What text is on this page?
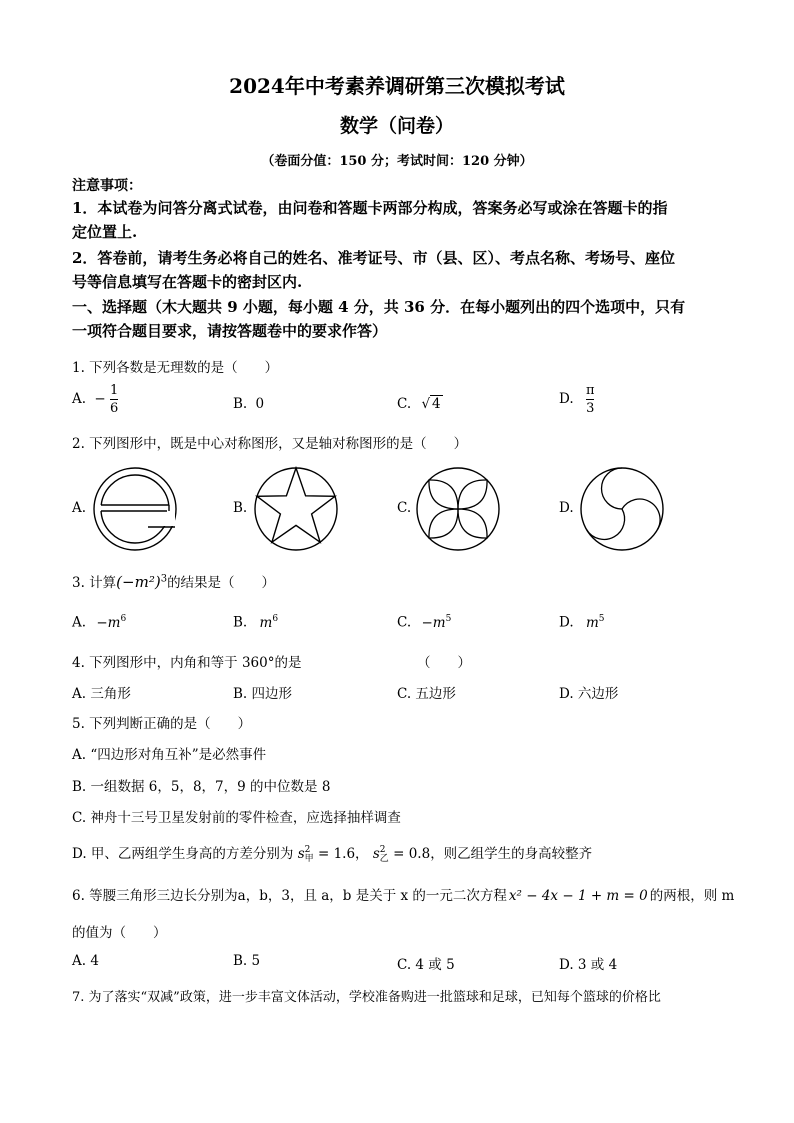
2024年中考素养调研第三次模拟考试
数学（问卷）
（卷面分值：150 分；考试时间：120 分钟）
注意事项：
1．本试卷为问答分离式试卷，由问卷和答题卡两部分构成，答案务必写或涂在答题卡的指
定位置上.
2．答卷前，请考生务必将自己的姓名、准考证号、市（县、区）、考点名称、考场号、座位
号等信息填写在答题卡的密封区内.
一、选择题（木大题共 9 小题，每小题 4 分，共 36 分．在每小题列出的四个选项中，只有
一项符合题目要求，请按答题卷中的要求作答）
1. 下列各数是无理数的是（　　）
A. − $\frac{1}{6}$	B. 0	C. √ 4	D. $\frac{\pi}{3}$
2. 下列图形中，既是中心对称图形，又是轴对称图形的是（　　）
A.	B.	C.	D.
3. 计算$(-m^2)^3$的结果是（　　）
A. $-m^6$	B. $m^6$	C. $-m^5$	D. $m^5$
4. 下列图形中，内角和等于 360°的是	（　　）
A. 三角形	B. 四边形	C. 五边形	D. 六边形
5. 下列判断正确的是（　　）
A. “四边形对角互补”是必然事件
B. 一组数据 6，5，8，7，9 的中位数是 8
C. 神舟十三号卫星发射前的零件检查，应选择抽样调查
D. 甲、乙两组学生身高的方差分别为 s 2
甲 = 1.6， s 2
乙 = 0.8，则乙组学生的身高较整齐
6. 等腰三角形三边长分别为a，b，3，且 a，b 是关于 x 的一元二次方程 x² − 4x − 1 + m = 0 的两根，则 m
的值为（　　）
A. 4	B. 5	C. 4 或 5	D. 3 或 4
7. 为了落实“双减”政策，进一步丰富文体活动，学校准备购进一批篮球和足球，已知每个篮球的价格比
